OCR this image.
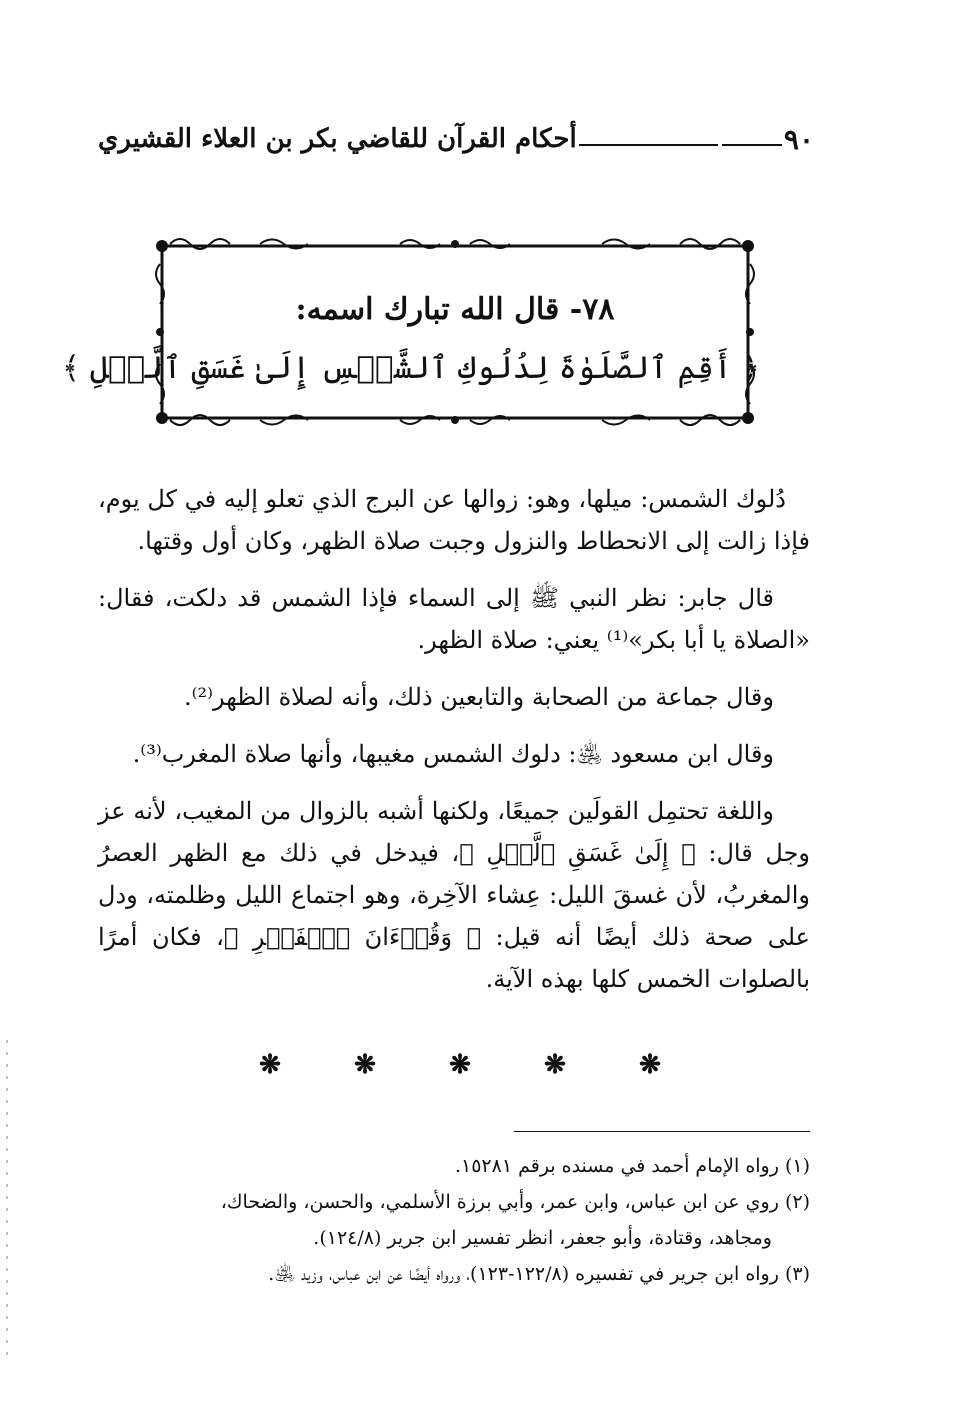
٩٠
أحكام القرآن للقاضي بكر بن العلاء القشيري
٧٨- قال الله تبارك اسمه:
﴿ أَقِمِ ٱلصَّلَوٰةَ لِدُلُوكِ ٱلشَّمۡسِ إِلَىٰ غَسَقِ ٱلَّيۡلِ ﴾

دُلوك الشمس: ميلها، وهو: زوالها عن البرج الذي تعلو إليه في كل يوم، فإذا زالت إلى الانحطاط والنزول وجبت صلاة الظهر، وكان أول وقتها.

قال جابر: نظر النبي ﷺ إلى السماء فإذا الشمس قد دلكت، فقال: «الصلاة يا أبا بكر»⁽¹⁾ يعني: صلاة الظهر.

وقال جماعة من الصحابة والتابعين ذلك، وأنه لصلاة الظهر⁽²⁾.

وقال ابن مسعود ﵁: دلوك الشمس مغيبها، وأنها صلاة المغرب⁽³⁾.

واللغة تحتمِل القولَين جميعًا، ولكنها أشبه بالزوال من المغيب، لأنه عز وجل قال: ﴿ إِلَىٰ غَسَقِ ٱلَّيۡلِ ﴾، فيدخل في ذلك مع الظهر العصرُ والمغربُ، لأن غسقَ الليل: عِشاء الآخِرة، وهو اجتماع الليل وظلمته، ودل على صحة ذلك أيضًا أنه قيل: ﴿ وَقُرۡءَانَ ٱلۡفَجۡرِ ﴾، فكان أمرًا بالصلوات الخمس كلها بهذه الآية.

❋
❋
❋
❋
❋

(١) رواه الإمام أحمد في مسنده برقم ١٥٢٨١.

(٢) روي عن ابن عباس، وابن عمر، وأبي برزة الأسلمي، والحسن، والضحاك،

ومجاهد، وقتادة، وأبو جعفر، انظر تفسير ابن جرير (١٢٤/٨).

(٣) رواه ابن جرير في تفسيره (١٢٢/٨-١٢٣)، ورواه أيضًا عن ابن عباس، وزيد ﵁.
